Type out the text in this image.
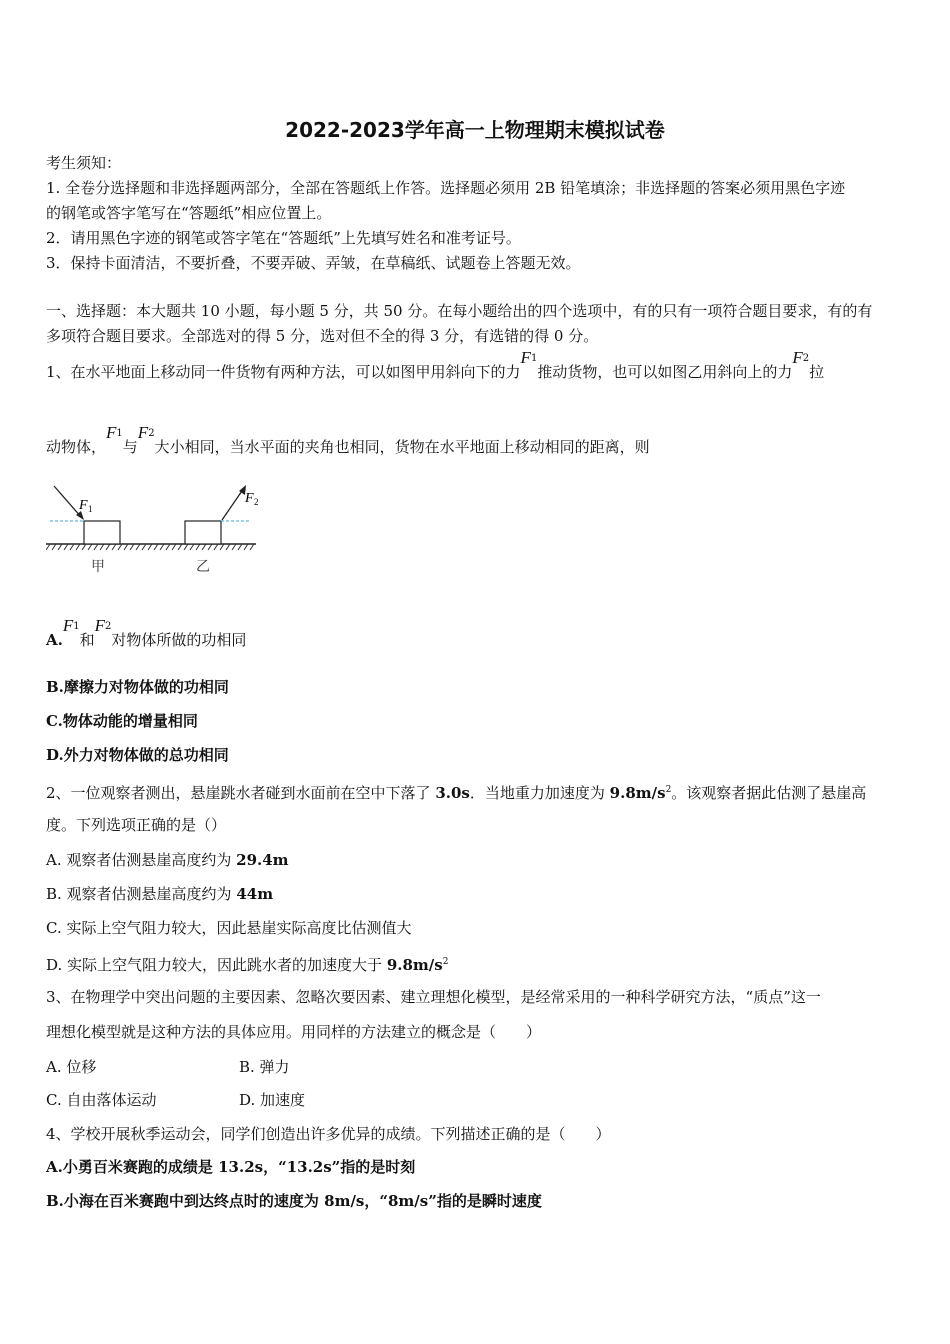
2022-2023学年高一上物理期末模拟试卷
考生须知：
1. 全卷分选择题和非选择题两部分，全部在答题纸上作答。选择题必须用 2B 铅笔填涂；非选择题的答案必须用黑色字迹
的钢笔或答字笔写在“答题纸”相应位置上。
2．请用黑色字迹的钢笔或答字笔在“答题纸”上先填写姓名和准考证号。
3．保持卡面清洁，不要折叠，不要弄破、弄皱，在草稿纸、试题卷上答题无效。
一、选择题：本大题共 10 小题，每小题 5 分，共 50 分。在每小题给出的四个选项中，有的只有一项符合题目要求，有的有
多项符合题目要求。全部选对的得 5 分，选对但不全的得 3 分，有选错的得 0 分。
1、在水平地面上移动同一件货物有两种方法，可以如图甲用斜向下的力F1推动货物，也可以如图乙用斜向上的力F2拉
动物体，F1与F2大小相同，当水平面的夹角也相同，货物在水平地面上移动相同的距离，则
F 1
F 2
甲	乙
A.F1和F2对物体所做的功相同
B.摩擦力对物体做的功相同
C.物体动能的增量相同
D.外力对物体做的总功相同
2、一位观察者测出，悬崖跳水者碰到水面前在空中下落了 3.0s．当地重力加速度为 $9.8m/s^2$。该观察者据此估测了悬崖高
度。下列选项正确的是（）
A. 观察者估测悬崖高度约为 29.4m
B. 观察者估测悬崖高度约为 44m
C. 实际上空气阻力较大，因此悬崖实际高度比估测值大
D. 实际上空气阻力较大，因此跳水者的加速度大于 $9.8m/s^2$
3、在物理学中突出问题的主要因素、忽略次要因素、建立理想化模型，是经常采用的一种科学研究方法，“质点”这一
理想化模型就是这种方法的具体应用。用同样的方法建立的概念是（　　）
A. 位移	B. 弹力
C. 自由落体运动	D. 加速度
4、学校开展秋季运动会，同学们创造出许多优异的成绩。下列描述正确的是（　　）
A.小勇百米赛跑的成绩是 13.2s，“13.2s”指的是时刻
B.小海在百米赛跑中到达终点时的速度为 8m/s，“8m/s”指的是瞬时速度
